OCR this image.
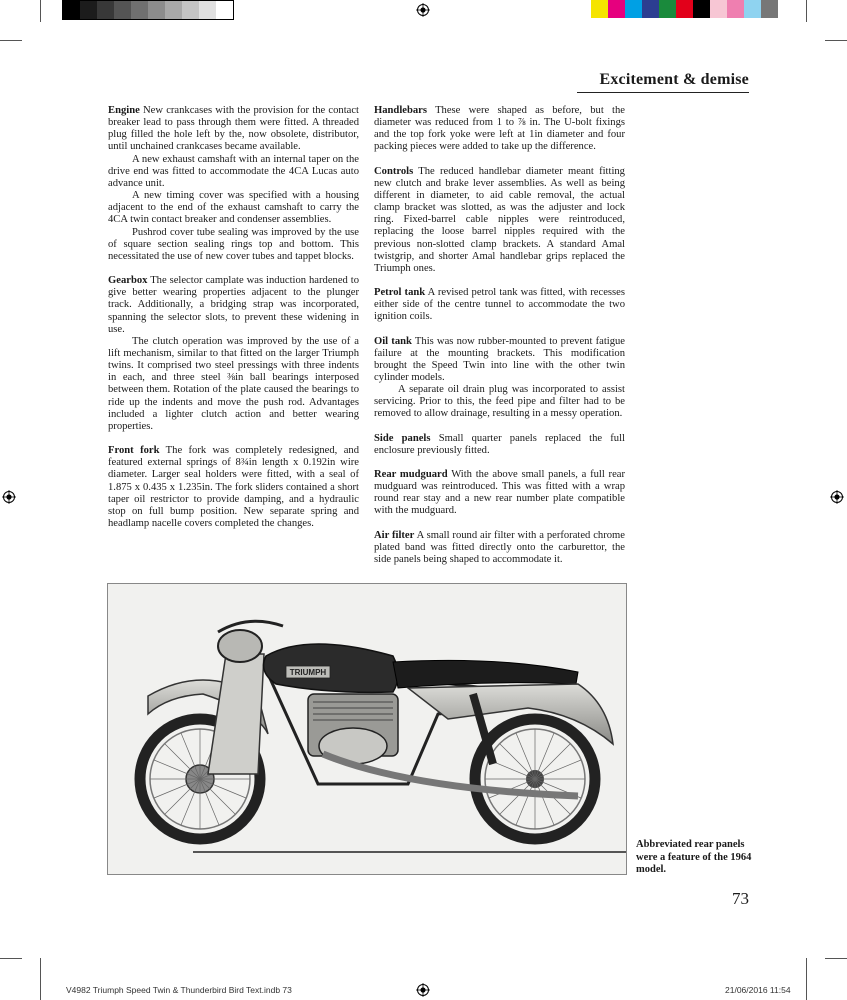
Excitement & demise

Engine New crankcases with the provision for the contact breaker lead to pass through them were fitted. A threaded plug filled the hole left by the, now obsolete, distributor, until unchained crankcases became available.

A new exhaust camshaft with an internal taper on the drive end was fitted to accommodate the 4CA Lucas auto advance unit.

A new timing cover was specified with a housing adjacent to the end of the exhaust camshaft to carry the 4CA twin contact breaker and condenser assemblies.

Pushrod cover tube sealing was improved by the use of square section sealing rings top and bottom. This necessitated the use of new cover tubes and tappet blocks.

Gearbox The selector camplate was induction hardened to give better wearing properties adjacent to the plunger track. Additionally, a bridging strap was incorporated, spanning the selector slots, to prevent these widening in use.

The clutch operation was improved by the use of a lift mechanism, similar to that fitted on the larger Triumph twins. It comprised two steel pressings with three indents in each, and three steel ⅜in ball bearings interposed between them. Rotation of the plate caused the bearings to ride up the indents and move the push rod. Advantages included a lighter clutch action and better wearing properties.

Front fork The fork was completely redesigned, and featured external springs of 8¾in length x 0.192in wire diameter. Larger seal holders were fitted, with a seal of 1.875 x 0.435 x 1.235in. The fork sliders contained a short taper oil restrictor to provide damping, and a hydraulic stop on full bump position. New separate spring and headlamp nacelle covers completed the changes.

Handlebars These were shaped as before, but the diameter was reduced from 1 to ⅞ in. The U-bolt fixings and the top fork yoke were left at 1in diameter and four packing pieces were added to take up the difference.

Controls The reduced handlebar diameter meant fitting new clutch and brake lever assemblies. As well as being different in diameter, to aid cable removal, the actual clamp bracket was slotted, as was the adjuster and lock ring. Fixed-barrel cable nipples were reintroduced, replacing the loose barrel nipples required with the previous non-slotted clamp brackets. A standard Amal twistgrip, and shorter Amal handlebar grips replaced the Triumph ones.

Petrol tank A revised petrol tank was fitted, with recesses either side of the centre tunnel to accommodate the two ignition coils.

Oil tank This was now rubber-mounted to prevent fatigue failure at the mounting brackets. This modification brought the Speed Twin into line with the other twin cylinder models.

A separate oil drain plug was incorporated to assist servicing. Prior to this, the feed pipe and filter had to be removed to allow drainage, resulting in a messy operation.

Side panels Small quarter panels replaced the full enclosure previously fitted.

Rear mudguard With the above small panels, a full rear mudguard was reintroduced. This was fitted with a wrap round rear stay and a new rear number plate compatible with the mudguard.

Air filter A small round air filter with a perforated chrome plated band was fitted directly onto the carburettor, the side panels being shaped to accommodate it.

TRIUMPH
Abbreviated rear panels were a feature of the 1964 model.
73
V4982 Triumph Speed Twin & Thunderbird Bird Text.indb 73	21/06/2016 11:54
